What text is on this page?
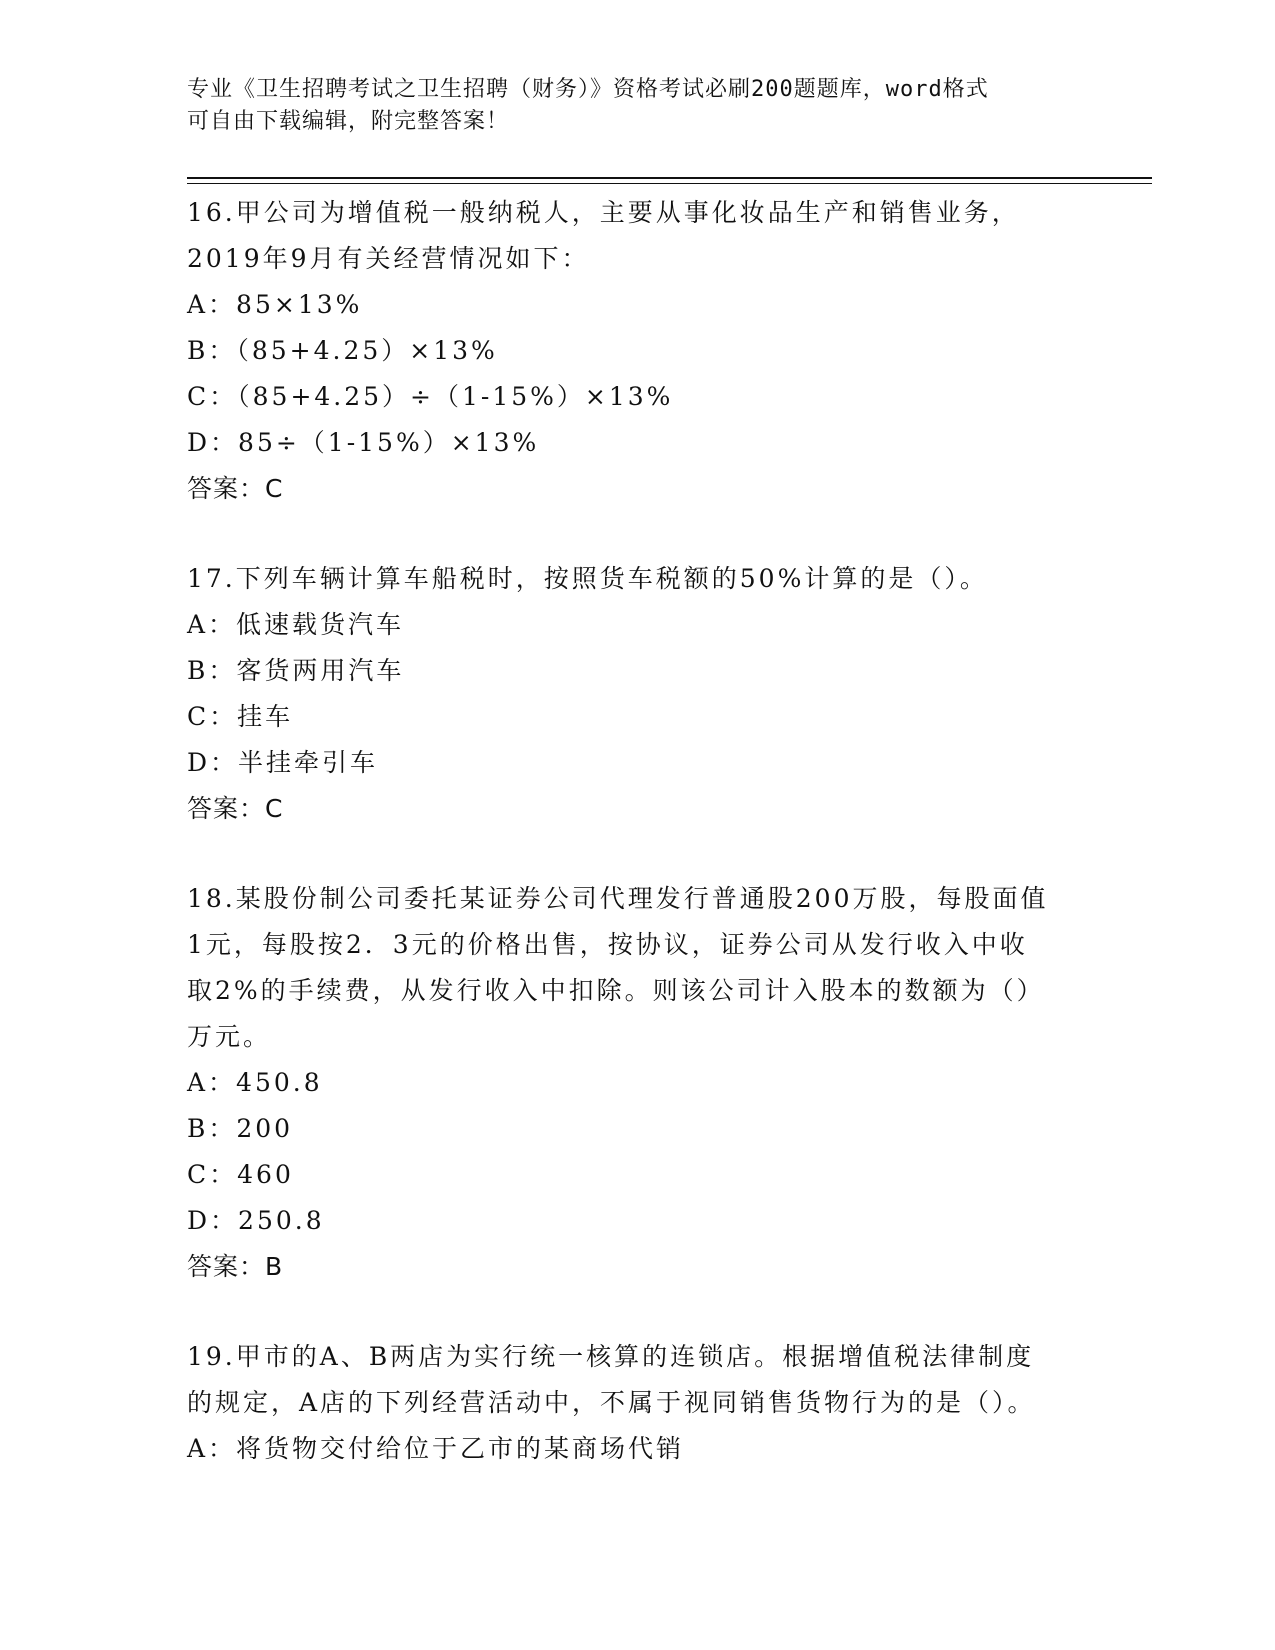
专业《卫生招聘考试之卫生招聘（财务）》资格考试必刷200题题库，word格式
可自由下载编辑，附完整答案！
16.甲公司为增值税一般纳税人，主要从事化妆品生产和销售业务，
2019年9月有关经营情况如下：
A：85×13%
B：（85+4.25）×13%
C：（85+4.25）÷（1-15%）×13%
D：85÷（1-15%）×13%
答案：C
17.下列车辆计算车船税时，按照货车税额的50%计算的是（）。
A：低速载货汽车
B：客货两用汽车
C：挂车
D：半挂牵引车
答案：C
18.某股份制公司委托某证券公司代理发行普通股200万股，每股面值
1元，每股按2．3元的价格出售，按协议，证券公司从发行收入中收
取2%的手续费，从发行收入中扣除。则该公司计入股本的数额为（）
万元。
A：450.8
B：200
C：460
D：250.8
答案：B
19.甲市的A、B两店为实行统一核算的连锁店。根据增值税法律制度
的规定，A店的下列经营活动中，不属于视同销售货物行为的是（）。
A：将货物交付给位于乙市的某商场代销
